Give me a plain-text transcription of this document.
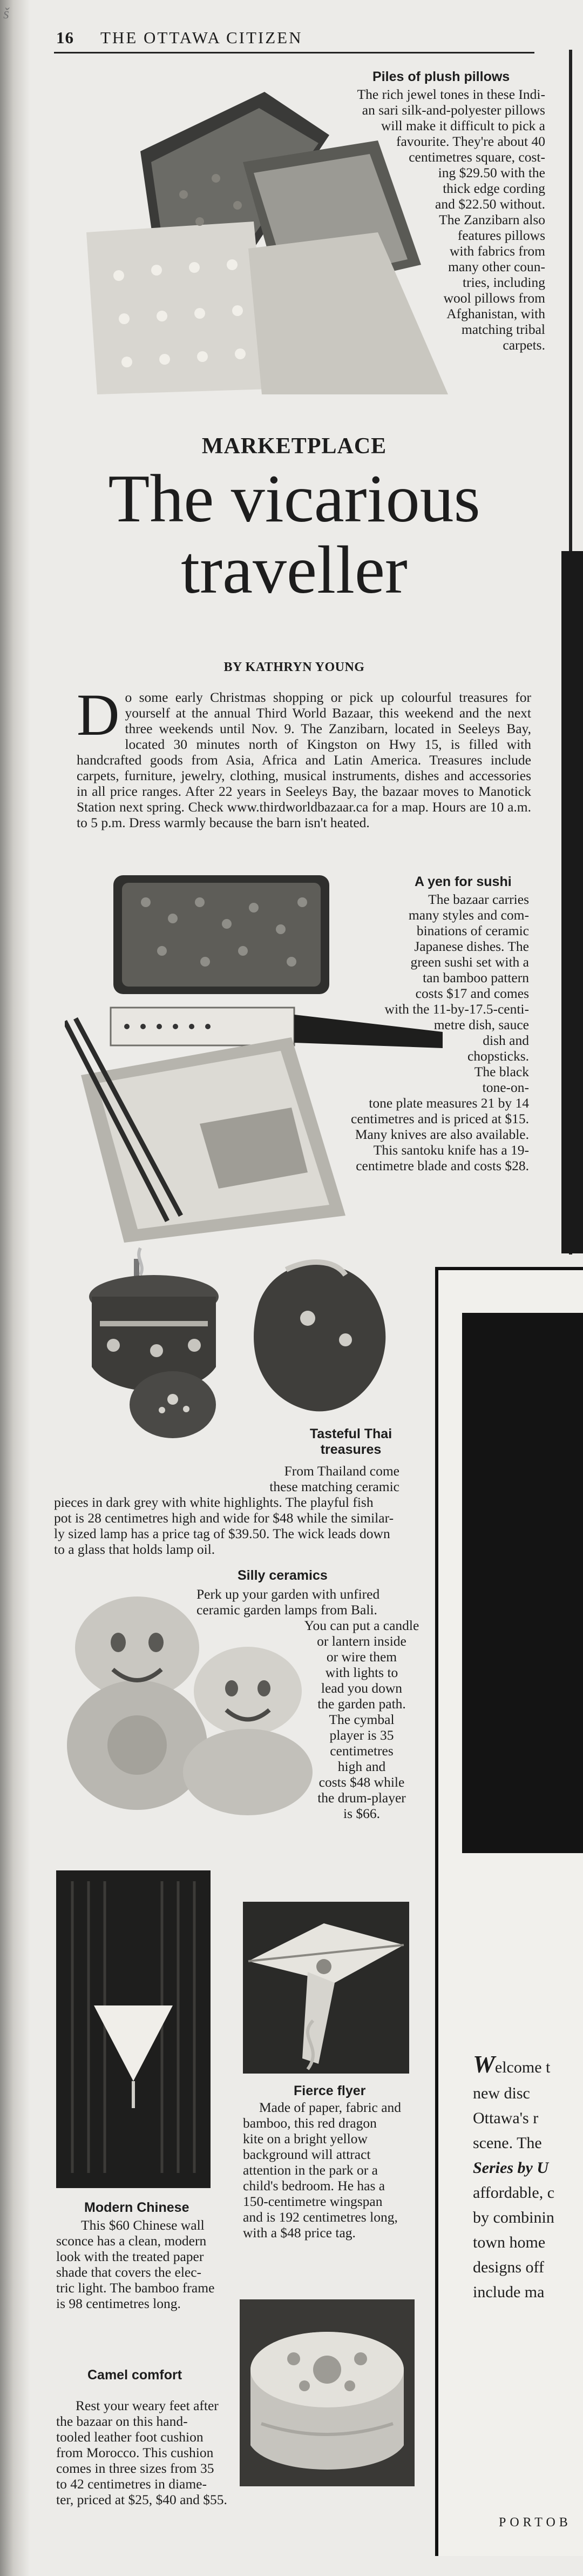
š
16 THE OTTAWA CITIZEN
Piles of plush pillows
The rich jewel tones in these Indi-
an sari silk-and-polyester pillows
will make it difficult to pick a
favourite. They're about 40
centimetres square, cost-
ing $29.50 with the
thick edge cording
and $22.50 without.
The Zanzibarn also
features pillows
with fabrics from
many other coun-
tries, including
wool pillows from
Afghanistan, with
matching tribal
carpets.
MARKETPLACE
The vicarious
traveller
BY KATHRYN YOUNG
Do some early Christmas shopping or pick up colourful treasures for yourself at the annual Third World Bazaar, this weekend and the next three weekends until Nov. 9. The Zanzibarn, located in Seeleys Bay, located 30 minutes north of Kingston on Hwy 15, is filled with handcrafted goods from Asia, Africa and Latin America. Treasures include carpets, furniture, jewelry, clothing, musical instruments, dishes and accessories in all price ranges. After 22 years in Seeleys Bay, the bazaar moves to Manotick Station next spring. Check www.thirdworldbazaar.ca for a map. Hours are 10 a.m. to 5 p.m. Dress warmly because the barn isn't heated.
A yen for sushi
The bazaar carries
many styles and com-
binations of ceramic
Japanese dishes. The
green sushi set with a
tan bamboo pattern
costs $17 and comes
with the 11-by-17.5-centi-
metre dish, sauce
dish and
chopsticks.
The black
tone-on-
tone plate measures 21 by 14
centimetres and is priced at $15.
Many knives are also available.
This santoku knife has a 19-
centimetre blade and costs $28.
Tasteful Thai
treasures
From Thailand come
these matching ceramic
pieces in dark grey with white highlights. The playful fish
pot is 28 centimetres high and wide for $48 while the similar-
ly sized lamp has a price tag of $39.50. The wick leads down
to a glass that holds lamp oil.
Silly ceramics
Perk up your garden with unfired
ceramic garden lamps from Bali.
You can put a candle
or lantern inside
or wire them
with lights to
lead you down
the garden path.
The cymbal
player is 35
centimetres
high and
costs $48 while
the drum-player
is $66.
Modern Chinese
This $60 Chinese wall
sconce has a clean, modern
look with the treated paper
shade that covers the elec-
tric light. The bamboo frame
is 98 centimetres long.
Fierce flyer
Made of paper, fabric and
bamboo, this red dragon
kite on a bright yellow
background will attract
attention in the park or a
child's bedroom. He has a
150-centimetre wingspan
and is 192 centimetres long,
with a $48 price tag.
Camel comfort
Rest your weary feet after
the bazaar on this hand-
tooled leather foot cushion
from Morocco. This cushion
comes in three sizes from 35
to 42 centimetres in diame-
ter, priced at $25, $40 and $55.
Welcome t
new disc
Ottawa's r
scene. The
Series by U
affordable, c
by combinin
town home
designs off
include ma
PORTOB
